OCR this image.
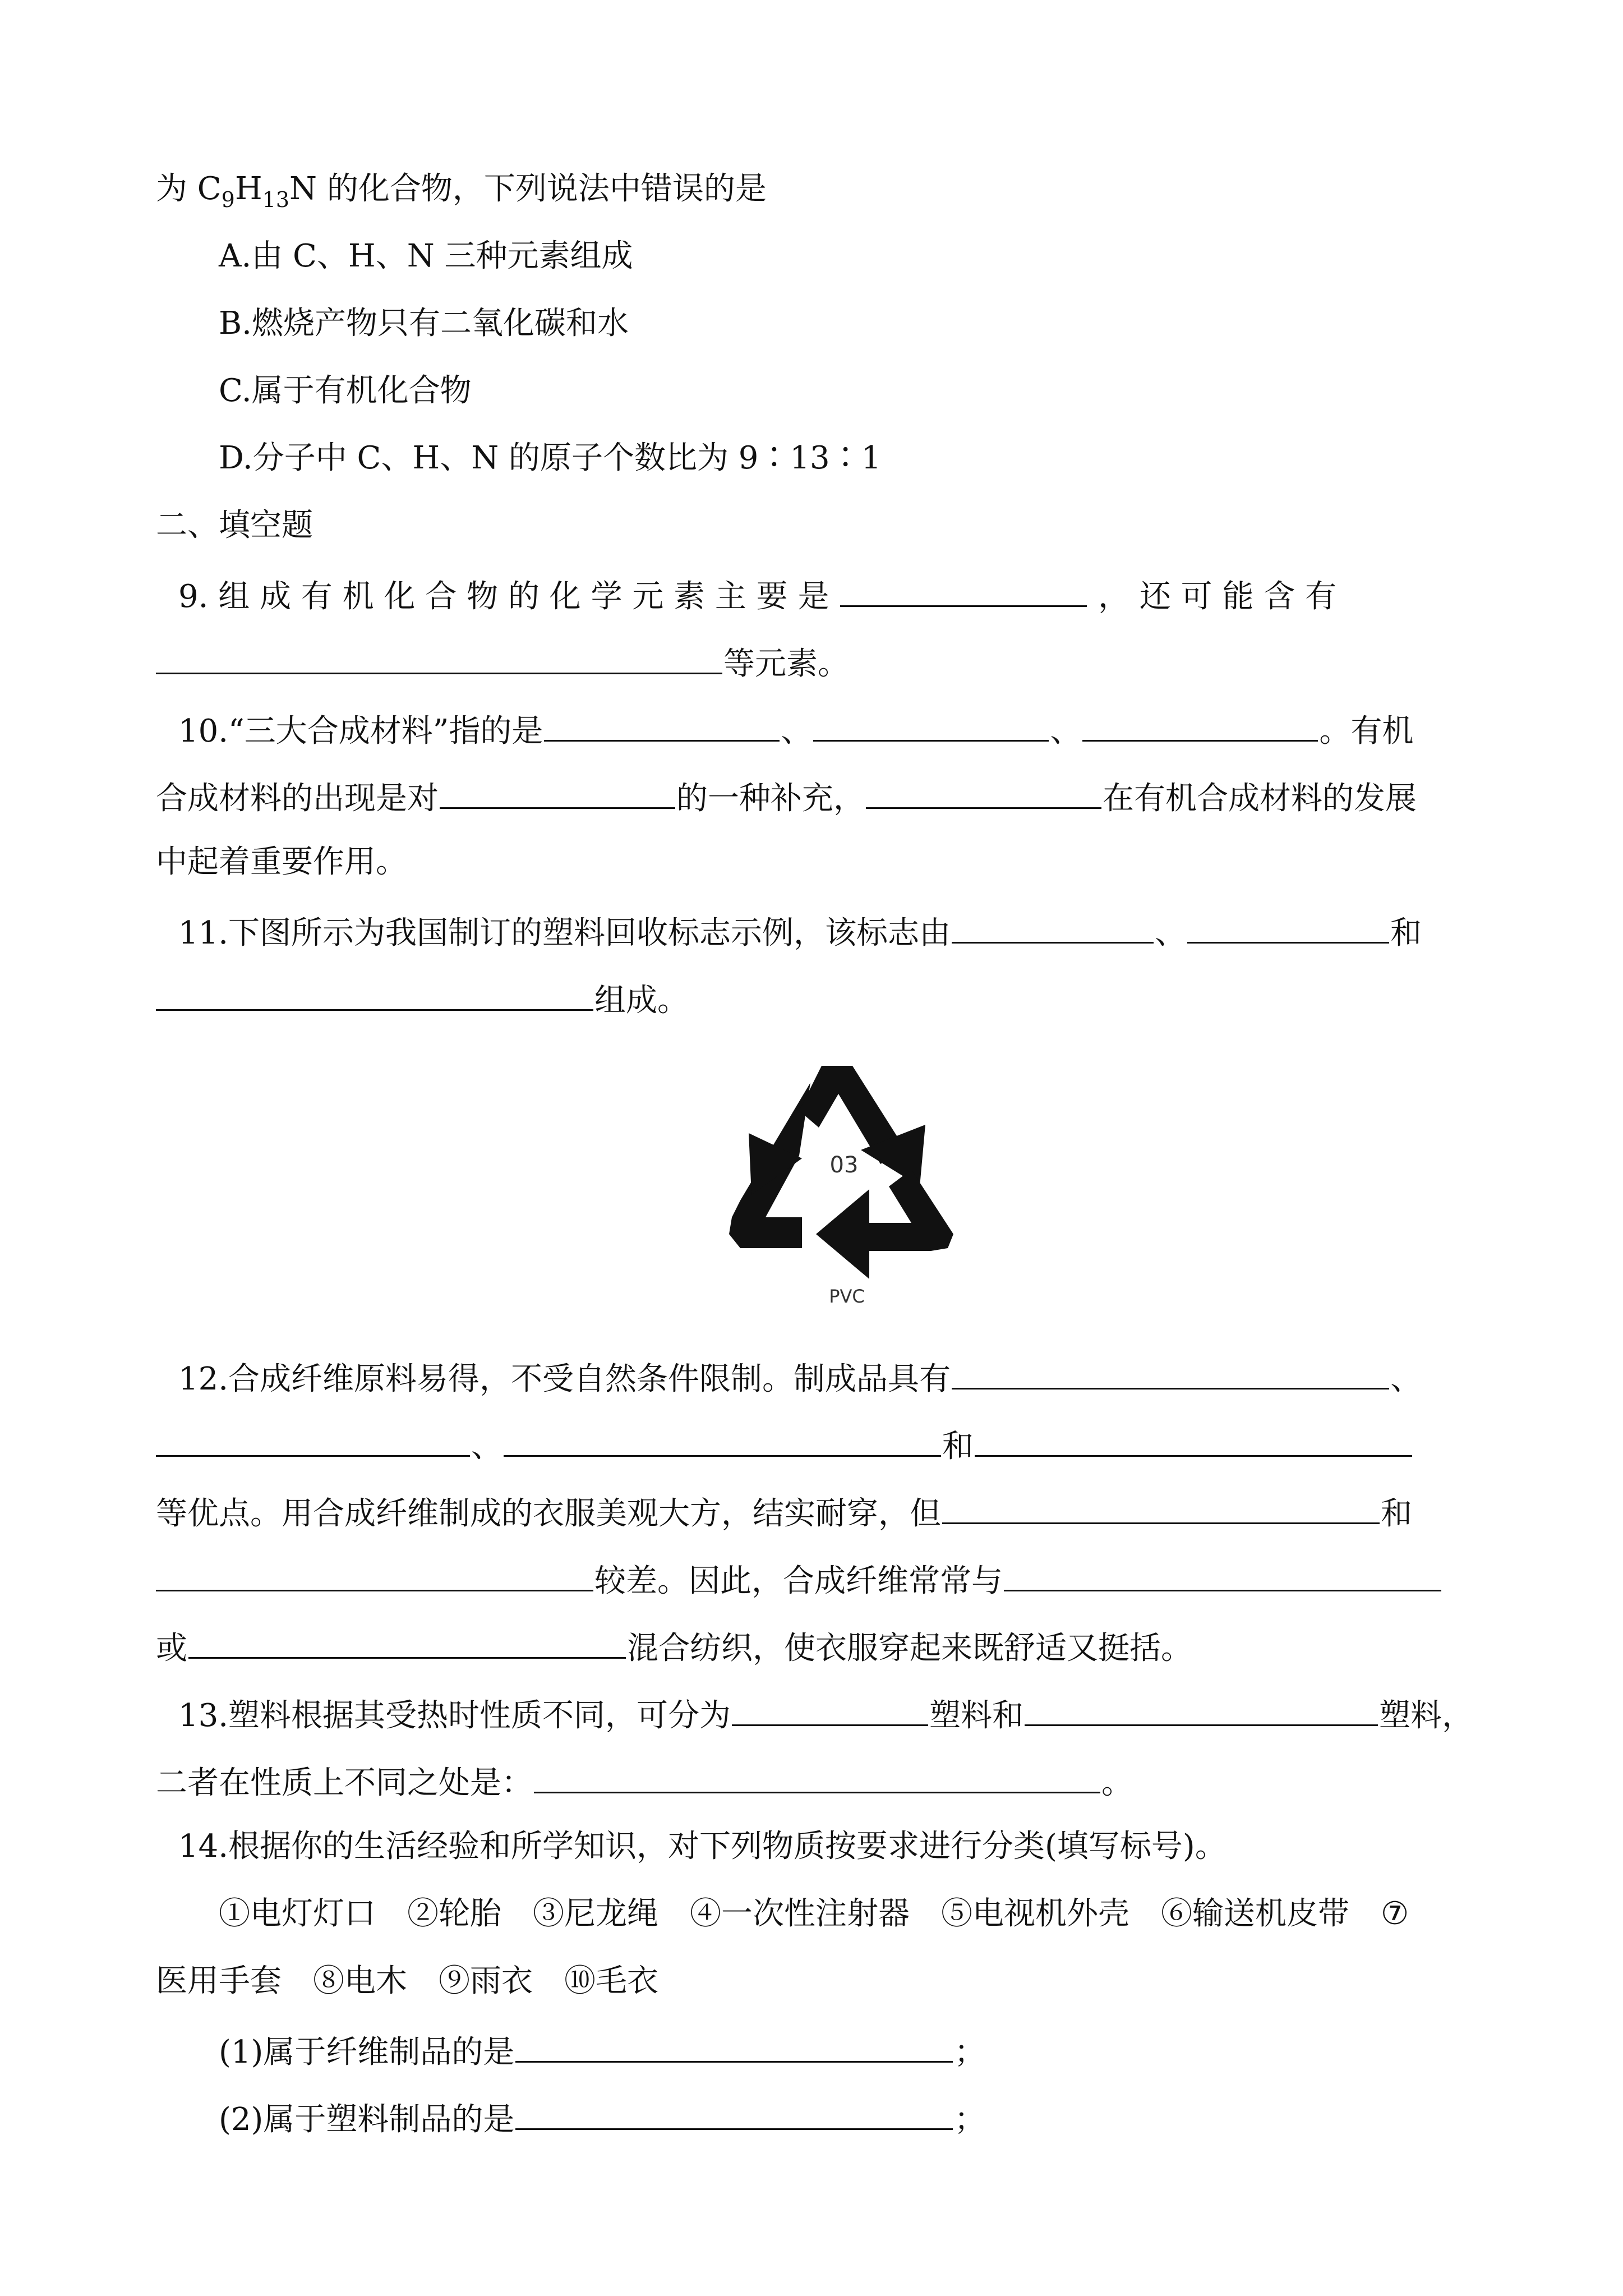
为 $C_9H_{13}N$ 的化合物，下列说法中错误的是
A.由 C、H、N 三种元素组成
B.燃烧产物只有二氧化碳和水
C.属于有机化合物
D.分子中 C、H、N 的原子个数比为 9∶13∶1
二、填空题
9. 组 成 有 机 化 合 物 的 化 学 元 素 主 要 是	， 还 可 能 含 有
等元素。
10.“三大合成材料”指的是	、	、	。有机
合成材料的出现是对	的一种补充，	在有机合成材料的发展
中起着重要作用。
11.下图所示为我国制订的塑料回收标志示例，该标志由	、	和
组成。
03
PVC
12.合成纤维原料易得，不受自然条件限制。制成品具有	、
、	和
等优点。用合成纤维制成的衣服美观大方，结实耐穿，但	和
较差。因此，合成纤维常常与
或	混合纺织，使衣服穿起来既舒适又挺括。
13.塑料根据其受热时性质不同，可分为	塑料和	塑料，
二者在性质上不同之处是：	。
14.根据你的生活经验和所学知识，对下列物质按要求进行分类(填写标号)。
①电灯灯口 ②轮胎 ③尼龙绳 ④一次性注射器 ⑤电视机外壳 ⑥输送机皮带 ⑦
医用手套 ⑧电木 ⑨雨衣 ⑩毛衣
(1)属于纤维制品的是	；
(2)属于塑料制品的是	；
